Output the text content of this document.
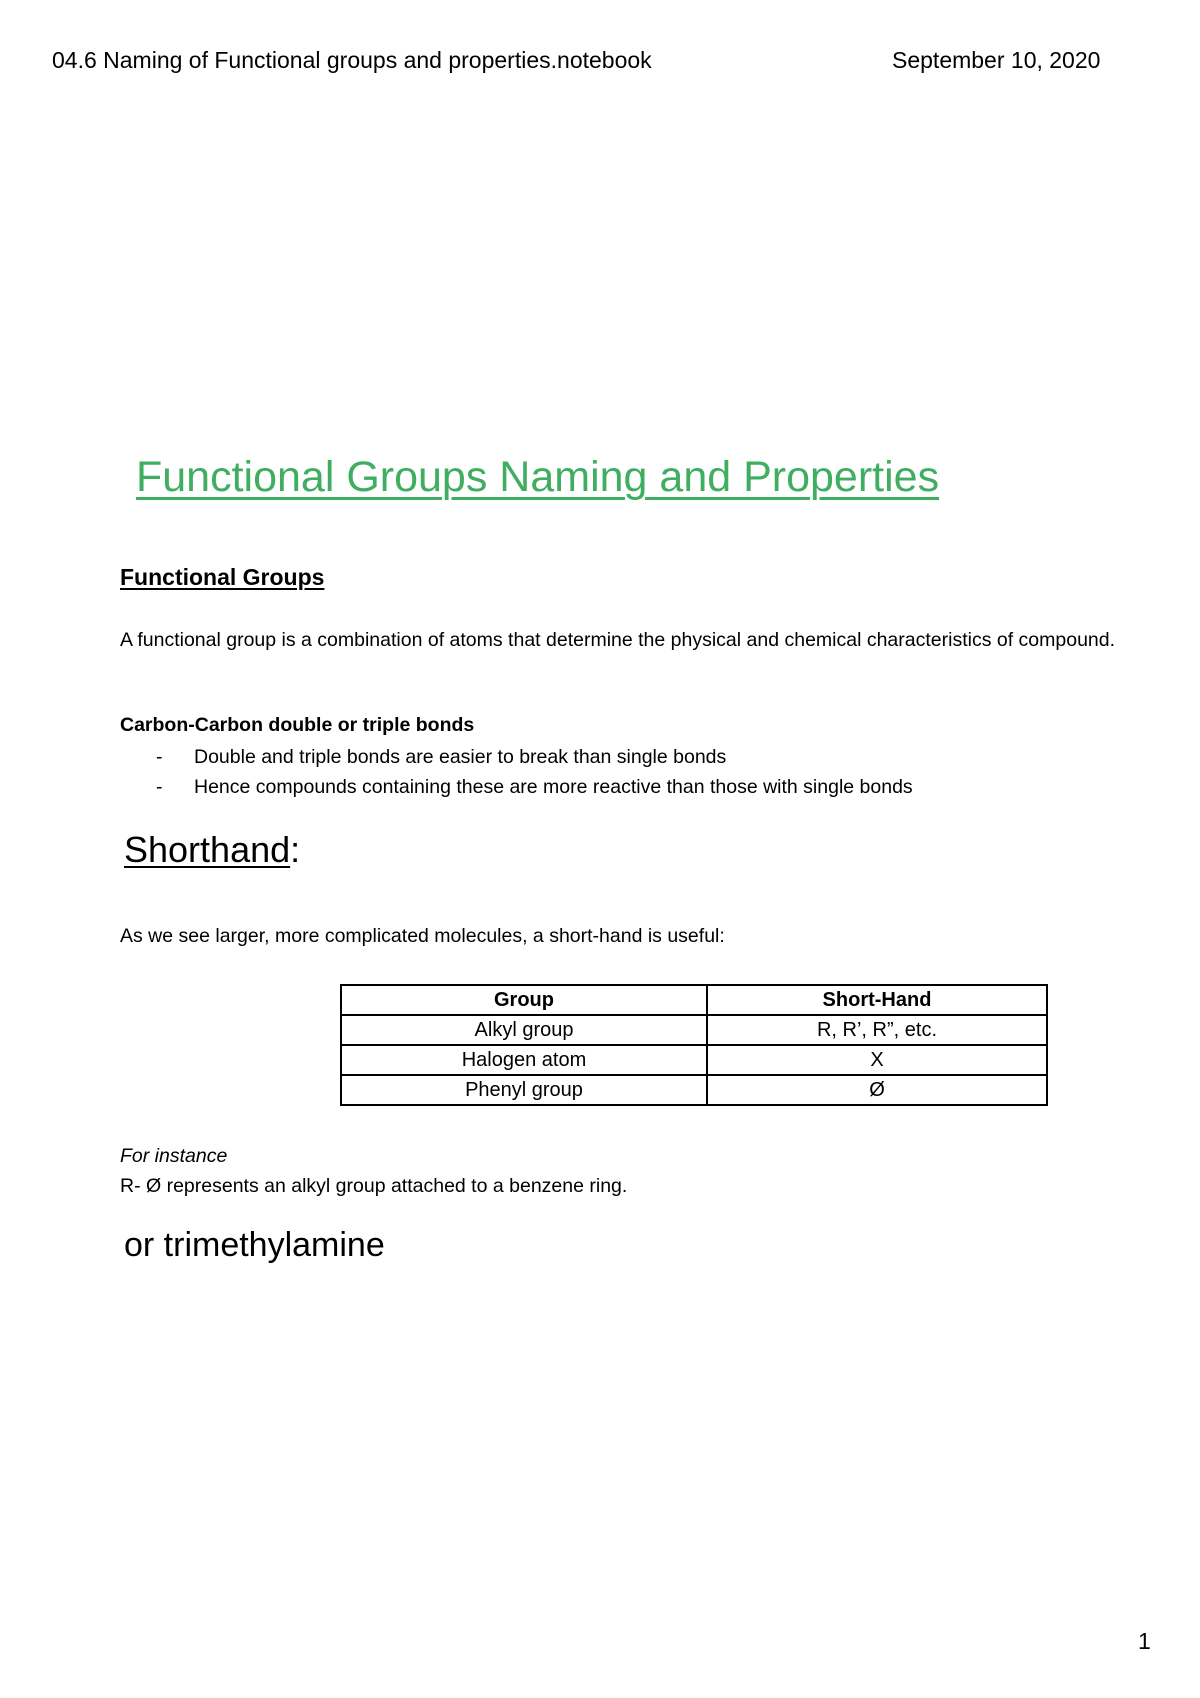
04.6 Naming of Functional groups and properties.notebook	September 10, 2020
Functional Groups Naming and Properties
Functional Groups

A functional group is a combination of atoms that determine the physical and chemical characteristics of compound.

Carbon-Carbon double or triple bonds
- Double and triple bonds are easier to break than single bonds
- Hence compounds containing these are more reactive than those with single bonds
Shorthand:
As we see larger, more complicated molecules, a short-hand is useful:
Group	Short-Hand
Alkyl group	R, R’, R”, etc.
Halogen atom	X
Phenyl group	Ø
For instance
R- Ø represents an alkyl group attached to a benzene ring.
or trimethylamine
1
